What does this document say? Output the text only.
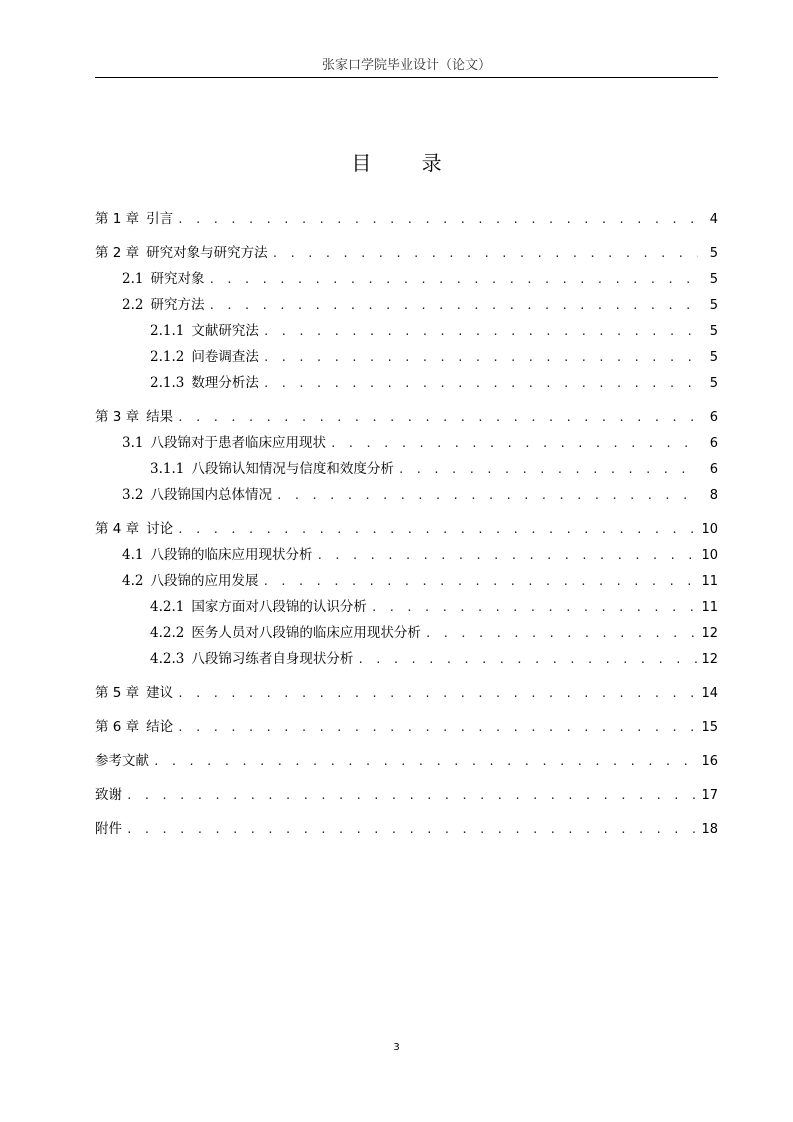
张家口学院毕业设计（论文）
目 录
第 1 章 引言 . . .	4
第 2 章 研究对象与研究方法 . . .	5
2.1 研究对象 . . .	5
2.2 研究方法 . . .	5
2.1.1 文献研究法 . . .	5
2.1.2 问卷调查法 . . .	5
2.1.3 数理分析法 . . .	5
第 3 章 结果 . . .	6
3.1 八段锦对于患者临床应用现状 . . .	6
3.1.1 八段锦认知情况与信度和效度分析 . . .	6
3.2 八段锦国内总体情况 . . .	8
第 4 章 讨论 . . .	10
4.1 八段锦的临床应用现状分析 . . .	10
4.2 八段锦的应用发展 . . .	11
4.2.1 国家方面对八段锦的认识分析 . . .	11
4.2.2 医务人员对八段锦的临床应用现状分析 . . .	12
4.2.3 八段锦习练者自身现状分析 . . .	12
第 5 章 建议 . . .	14
第 6 章 结论 . . .	15
参考文献 . . .	16
致谢 . . .	17
附件 . . .	18
3
